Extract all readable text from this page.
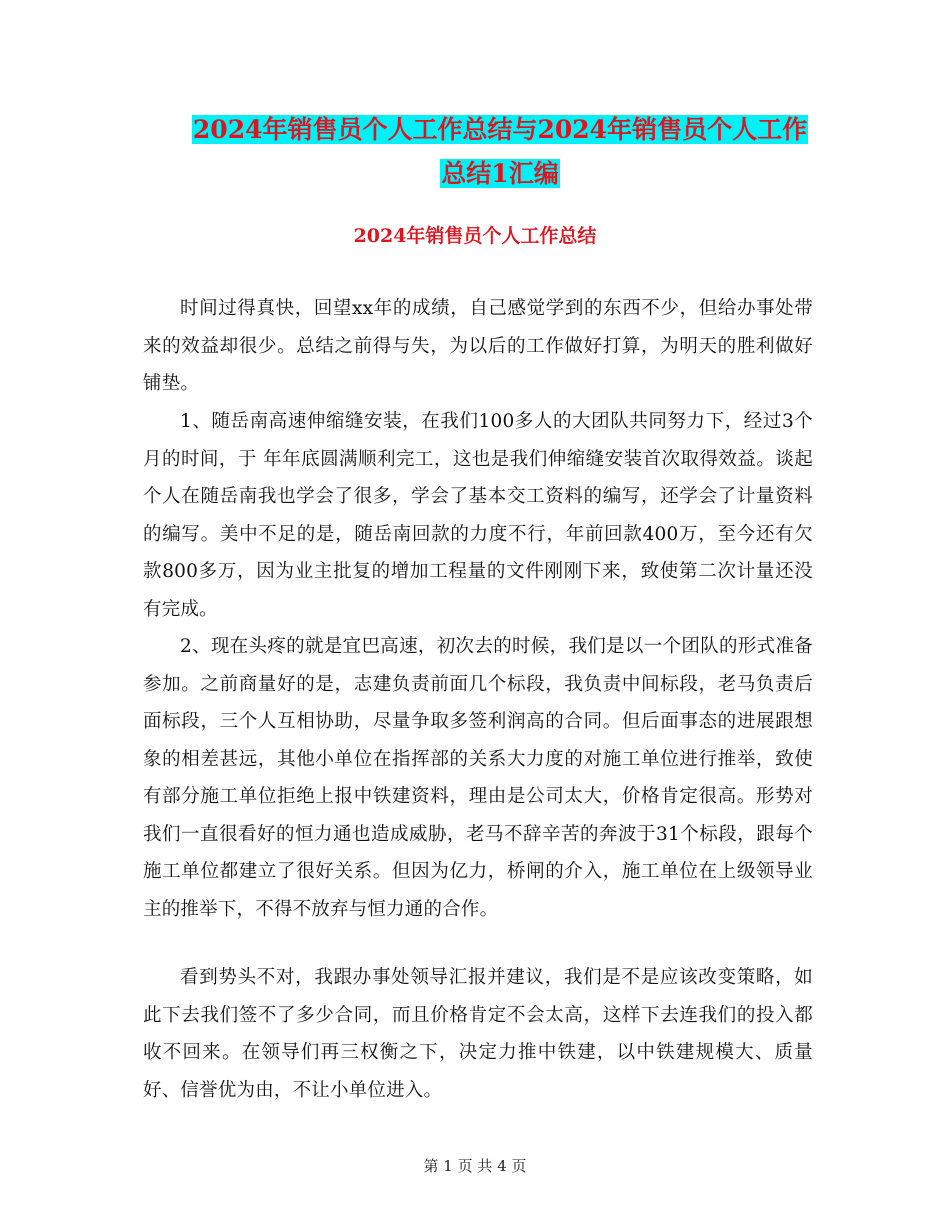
2024年销售员个人工作总结与2024年销售员个人工作
总结1汇编
2024年销售员个人工作总结

时间过得真快，回望xx年的成绩，自己感觉学到的东西不少，但给办事处带来的效益却很少。总结之前得与失，为以后的工作做好打算，为明天的胜利做好铺垫。

1、随岳南高速伸缩缝安装，在我们100多人的大团队共同努力下，经过3个月的时间，于 年年底圆满顺利完工，这也是我们伸缩缝安装首次取得效益。谈起个人在随岳南我也学会了很多，学会了基本交工资料的编写，还学会了计量资料的编写。美中不足的是，随岳南回款的力度不行，年前回款400万，至今还有欠款800多万，因为业主批复的增加工程量的文件刚刚下来，致使第二次计量还没有完成。

2、现在头疼的就是宜巴高速，初次去的时候，我们是以一个团队的形式准备参加。之前商量好的是，志建负责前面几个标段，我负责中间标段，老马负责后面标段，三个人互相协助，尽量争取多签利润高的合同。但后面事态的进展跟想象的相差甚远，其他小单位在指挥部的关系大力度的对施工单位进行推举，致使有部分施工单位拒绝上报中铁建资料，理由是公司太大，价格肯定很高。形势对我们一直很看好的恒力通也造成威胁，老马不辞辛苦的奔波于31个标段，跟每个施工单位都建立了很好关系。但因为亿力，桥闸的介入，施工单位在上级领导业主的推举下，不得不放弃与恒力通的合作。

看到势头不对，我跟办事处领导汇报并建议，我们是不是应该改变策略，如此下去我们签不了多少合同，而且价格肯定不会太高，这样下去连我们的投入都收不回来。在领导们再三权衡之下，决定力推中铁建，以中铁建规模大、质量好、信誉优为由，不让小单位进入。

第 1 页 共 4 页
